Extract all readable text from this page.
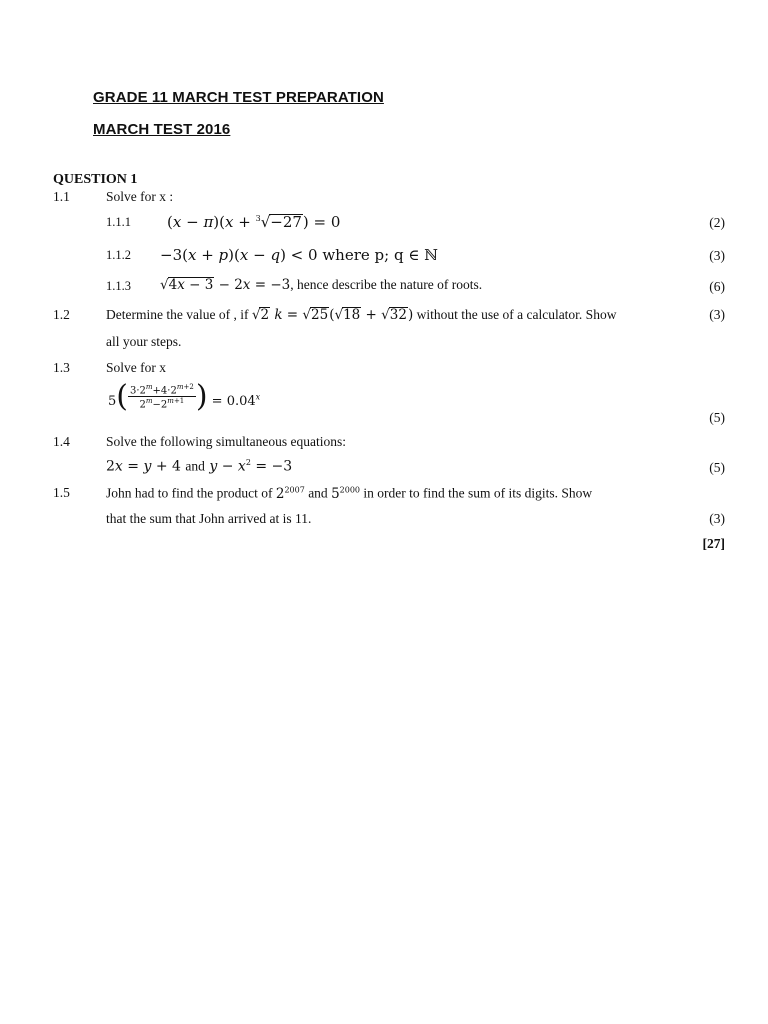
GRADE 11 MARCH TEST PREPARATION
MARCH TEST 2016
QUESTION 1
1.1	Solve for x :
1.1.1 (x − π)(x + $^3$√−27) = 0	(2)
1.1.2 −3(x + p)(x − q) < 0 where p; q ∈ ℕ	(3)
1.1.3 √4x − 3 − 2x = −3, hence describe the nature of roots.	(6)
1.2	Determine the value of , if √2 k = √25(√18 + √32) without the use of a calculator. Show	(3)
all your steps.
1.3	Solve for x
$5( \frac{3\cdot 2^m+4\cdot 2^{m+2}}{2^m-2^{m+1}}$ ) = $0.04^x$
(5)
1.4	Solve the following simultaneous equations:
2x = y + 4 and $y - x^2 = -3$	(5)
1.5	John had to find the product of $2^{2007}$ and $5^{2000}$ in order to find the sum of its digits. Show
that the sum that John arrived at is 11.	(3)
[27]
